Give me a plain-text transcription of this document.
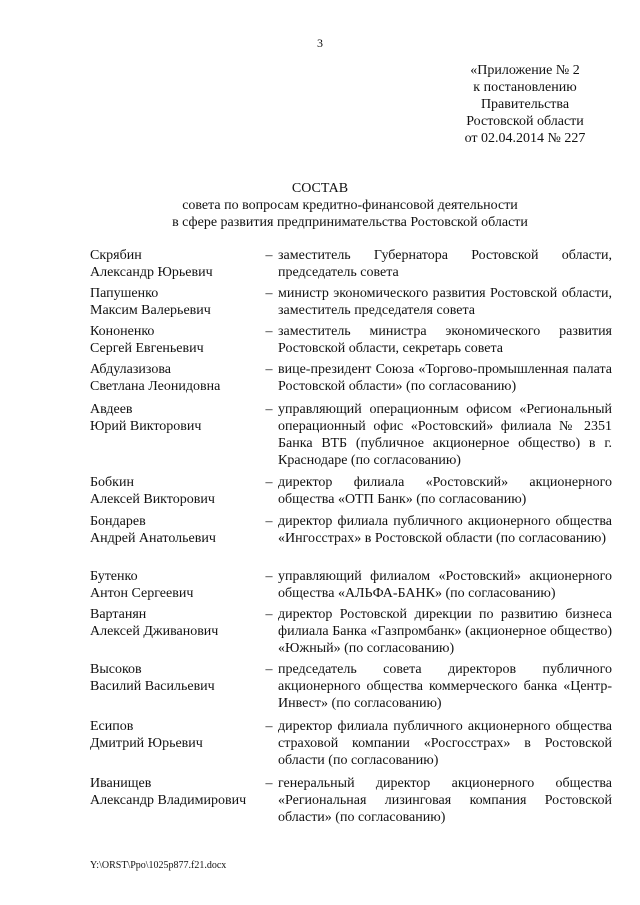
3
«Приложение № 2
к постановлению
Правительства
Ростовской области
от 02.04.2014 № 227
СОСТАВ
совета по вопросам кредитно-финансовой деятельности
в сфере развития предпринимательства Ростовской области
Скрябин
Александр Юрьевич
– заместитель Губернатора Ростовской области, председатель совета
Папушенко
Максим Валерьевич
– министр экономического развития Ростовской области, заместитель председателя совета
Кононенко
Сергей Евгеньевич
– заместитель министра экономического развития Ростовской области, секретарь совета
Абдулазизова
Светлана Леонидовна
– вице-президент Союза «Торгово-промышленная палата Ростовской области» (по согласованию)
Авдеев
Юрий Викторович
– управляющий операционным офисом «Региональный операционный офис «Ростовский» филиала № 2351 Банка ВТБ (публичное акционерное общество) в г. Краснодаре (по согласованию)
Бобкин
Алексей Викторович
– директор филиала «Ростовский» акционерного общества «ОТП Банк» (по согласованию)
Бондарев
Андрей Анатольевич
– директор филиала публичного акционерного общества «Ингосстрах» в Ростовской области (по согласованию)
Бутенко
Антон Сергеевич
– управляющий филиалом «Ростовский» акционерного общества «АЛЬФА-БАНК» (по согласованию)
Вартанян
Алексей Дживанович
– директор Ростовской дирекции по развитию бизнеса филиала Банка «Газпромбанк» (акционерное общество) «Южный» (по согласованию)
Высоков
Василий Васильевич
– председатель совета директоров публичного акционерного общества коммерческого банка «Центр-Инвест» (по согласованию)
Есипов
Дмитрий Юрьевич
– директор филиала публичного акционерного общества страховой компании «Росгосстрах» в Ростовской области (по согласованию)
Иванищев
Александр Владимирович
– генеральный директор акционерного общества «Региональная лизинговая компания Ростовской области» (по согласованию)
Y:\ORST\Ppo\1025p877.f21.docx
